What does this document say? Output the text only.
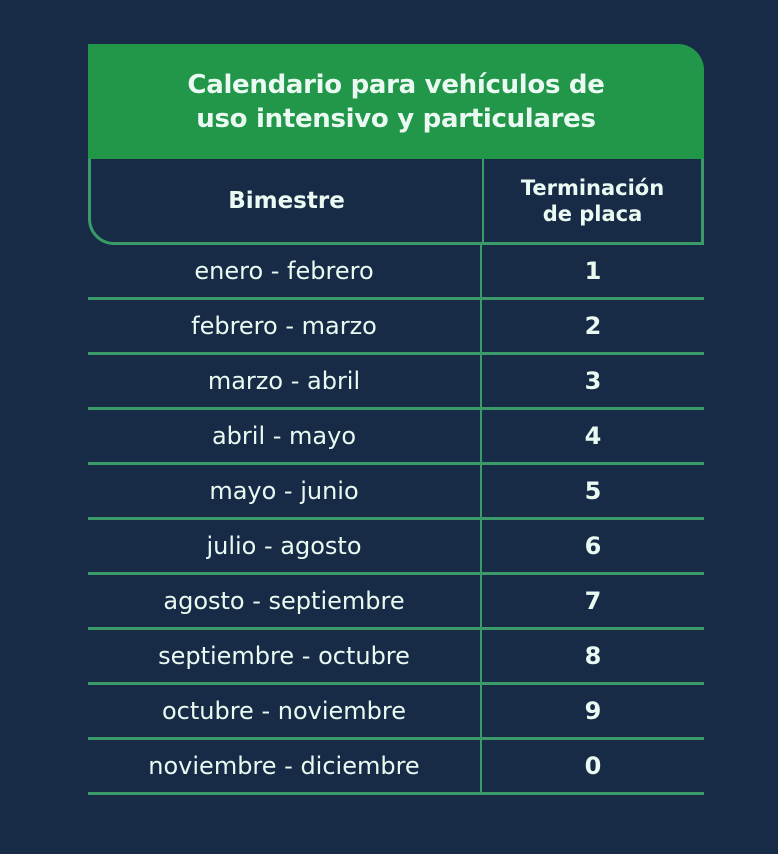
Calendario para vehículos de
uso intensivo y particulares
Bimestre	Terminación
de placa
enero - febrero	1
febrero - marzo	2
marzo - abril	3
abril - mayo	4
mayo - junio	5
julio - agosto	6
agosto - septiembre	7
septiembre - octubre	8
octubre - noviembre	9
noviembre - diciembre	0
